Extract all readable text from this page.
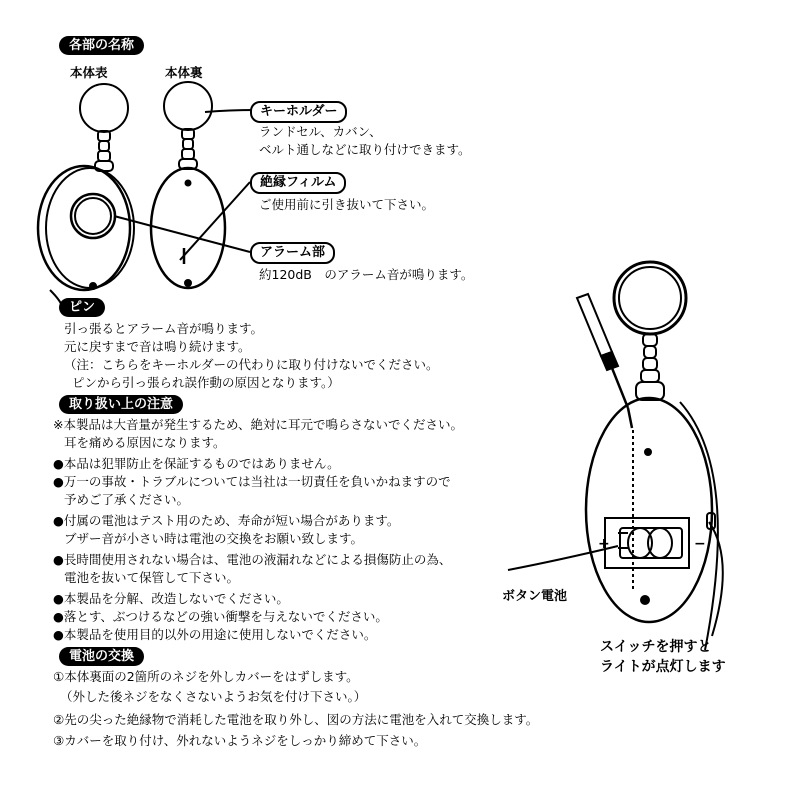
各部の名称
本体表	本体裏
キーホルダー
ランドセル、カバン、
ベルト通しなどに取り付けできます。
絶縁フィルム
ご使用前に引き抜いて下さい。
アラーム部
約120dB　のアラーム音が鳴ります。
ピン
引っ張るとアラーム音が鳴ります。
元に戻すまで音は鳴り続けます。
（注：こちらをキーホルダーの代わりに取り付けないでください。
ピンから引っ張られ誤作動の原因となります。）
取り扱い上の注意
※本製品は大音量が発生するため、絶対に耳元で鳴らさないでください。
耳を痛める原因になります。
●本品は犯罪防止を保証するものではありません。
●万一の事故・トラブルについては当社は一切責任を負いかねますので
予めご了承ください。
●付属の電池はテスト用のため、寿命が短い場合があります。
ブザー音が小さい時は電池の交換をお願い致します。
●長時間使用されない場合は、電池の液漏れなどによる損傷防止の為、
電池を抜いて保管して下さい。
●本製品を分解、改造しないでください。
●落とす、ぶつけるなどの強い衝撃を与えないでください。
●本製品を使用目的以外の用途に使用しないでください。
電池の交換
①本体裏面の2箇所のネジを外しカバーをはずします。
（外した後ネジをなくさないようお気を付け下さい。）
②先の尖った絶縁物で消耗した電池を取り外し、図の方法に電池を入れて交換します。
③カバーを取り付け、外れないようネジをしっかり締めて下さい。
ボタン電池
+	−
スイッチを押すと
ライトが点灯します
